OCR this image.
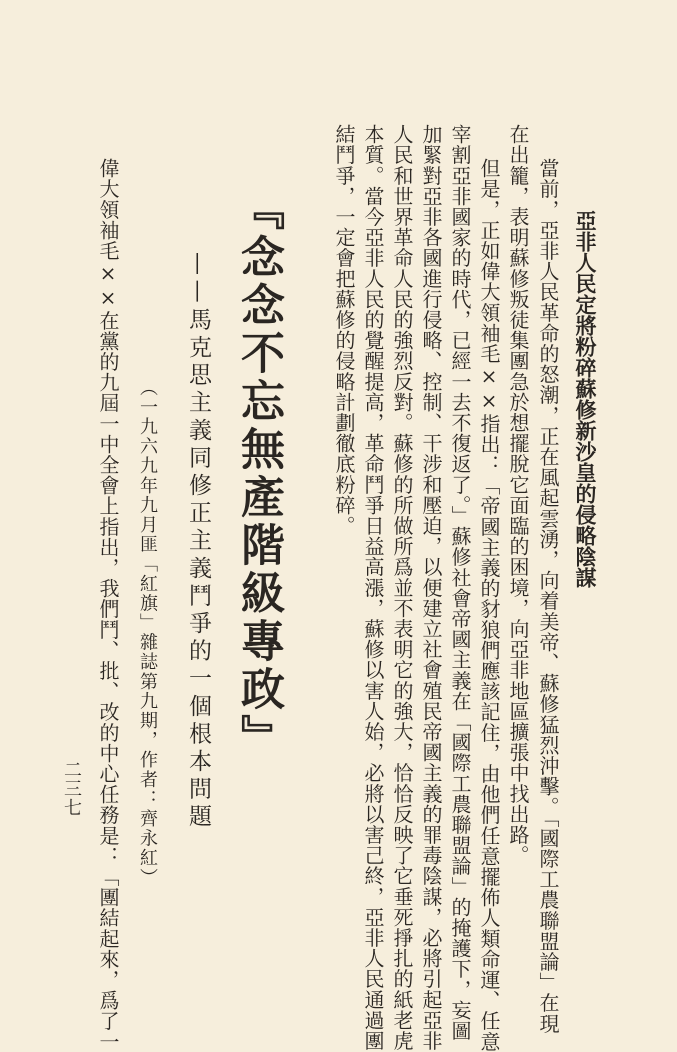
亞非人民定將粉碎蘇修新沙皇的侵略陰謀
當前，亞非人民革命的怒潮，正在風起雲湧，向着美帝、蘇修猛烈沖擊。「國際工農聯盟論」在現
在出籠，表明蘇修叛徒集團急於想擺脫它面臨的困境，向亞非地區擴張中找出路。
但是，正如偉大領袖毛××指出：「帝國主義的豺狼們應該記住，由他們任意擺佈人類命運、任意
宰割亞非國家的時代，已經一去不復返了。」蘇修社會帝國主義在「國際工農聯盟論」的掩護下，妄圖
加緊對亞非各國進行侵略、控制、干涉和壓迫，以便建立社會殖民帝國主義的罪毒陰謀，必將引起亞非
人民和世界革命人民的強烈反對。蘇修的所做所爲並不表明它的強大，恰恰反映了它垂死掙扎的紙老虎
本質。當今亞非人民的覺醒提高，革命鬥爭日益高漲，蘇修以害人始，必將以害己終，亞非人民通過團
結鬥爭，一定會把蘇修的侵略計劃徹底粉碎。
『念念不忘無產階級專政』
——馬克思主義同修正主義鬥爭的一個根本問題
（一九六九年九月匪「紅旗」雜誌第九期，作者：齊永紅）
偉大領袖毛××在黨的九屆一中全會上指出，我們鬥、批、改的中心任務是：「團結起來，爲了一
二三七
